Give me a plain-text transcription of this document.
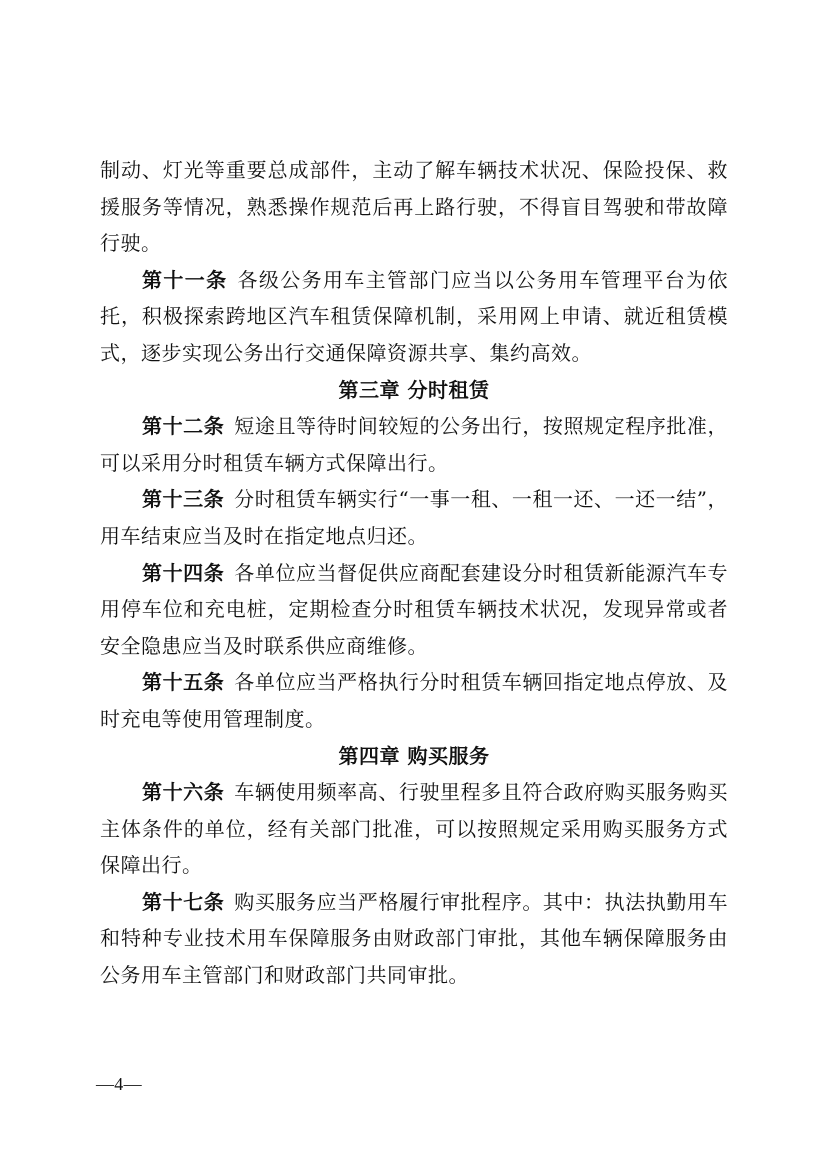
制动、灯光等重要总成部件，主动了解车辆技术状况、保险投保、救援服务等情况，熟悉操作规范后再上路行驶，不得盲目驾驶和带故障行驶。

第十一条 各级公务用车主管部门应当以公务用车管理平台为依托，积极探索跨地区汽车租赁保障机制，采用网上申请、就近租赁模式，逐步实现公务出行交通保障资源共享、集约高效。

第三章 分时租赁

第十二条 短途且等待时间较短的公务出行，按照规定程序批准，可以采用分时租赁车辆方式保障出行。

第十三条 分时租赁车辆实行“一事一租、一租一还、一还一结”，用车结束应当及时在指定地点归还。

第十四条 各单位应当督促供应商配套建设分时租赁新能源汽车专用停车位和充电桩，定期检查分时租赁车辆技术状况，发现异常或者安全隐患应当及时联系供应商维修。

第十五条 各单位应当严格执行分时租赁车辆回指定地点停放、及时充电等使用管理制度。

第四章 购买服务

第十六条 车辆使用频率高、行驶里程多且符合政府购买服务购买主体条件的单位，经有关部门批准，可以按照规定采用购买服务方式保障出行。

第十七条 购买服务应当严格履行审批程序。其中：执法执勤用车和特种专业技术用车保障服务由财政部门审批，其他车辆保障服务由公务用车主管部门和财政部门共同审批。

—4—
